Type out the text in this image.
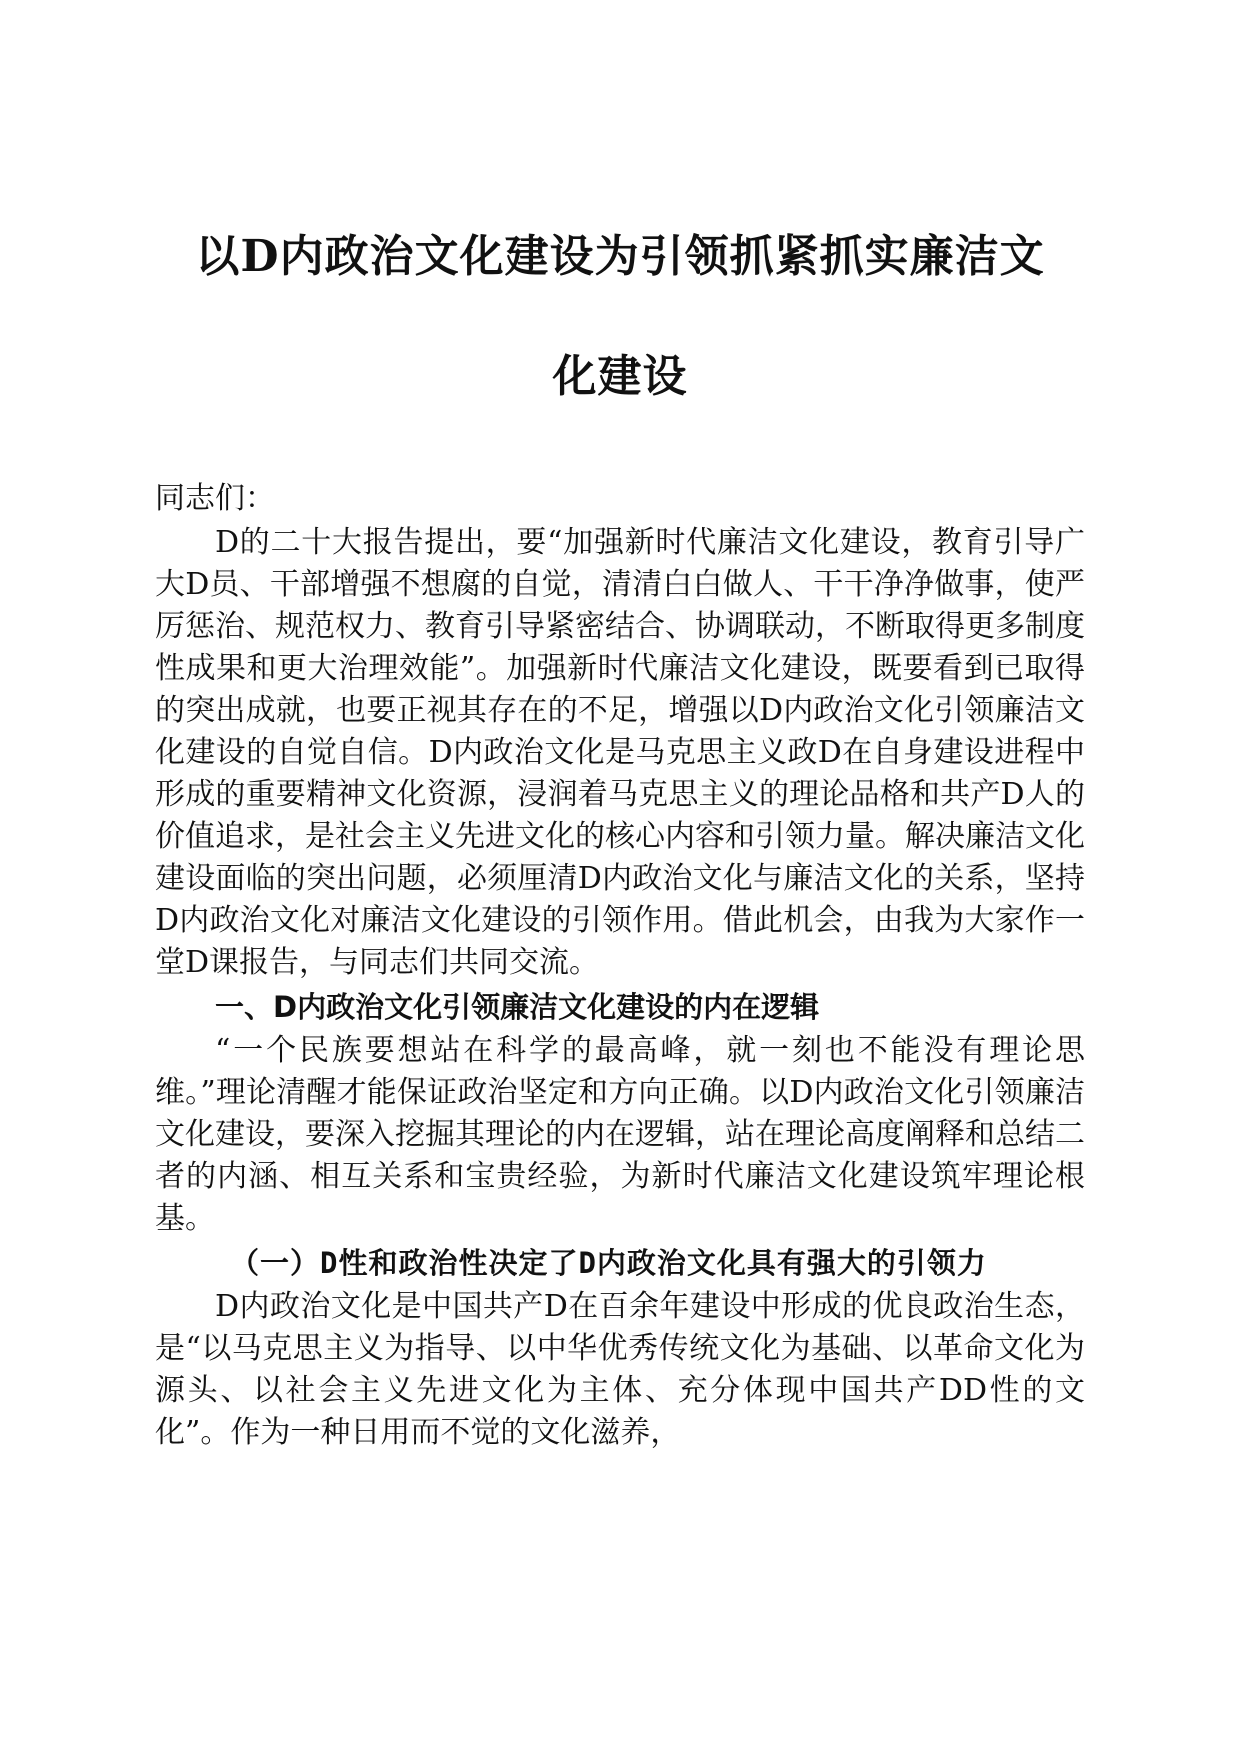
以D内政治文化建设为引领抓紧抓实廉洁文
化建设

同志们：

D的二十大报告提出，要“加强新时代廉洁文化建设，教育引导广大D员、干部增强不想腐的自觉，清清白白做人、干干净净做事，使严厉惩治、规范权力、教育引导紧密结合、协调联动，不断取得更多制度性成果和更大治理效能”。加强新时代廉洁文化建设，既要看到已取得的突出成就，也要正视其存在的不足，增强以D内政治文化引领廉洁文化建设的自觉自信。D内政治文化是马克思主义政D在自身建设进程中形成的重要精神文化资源，浸润着马克思主义的理论品格和共产D人的价值追求，是社会主义先进文化的核心内容和引领力量。解决廉洁文化建设面临的突出问题，必须厘清D内政治文化与廉洁文化的关系，坚持D内政治文化对廉洁文化建设的引领作用。借此机会，由我为大家作一堂D课报告，与同志们共同交流。

一、D内政治文化引领廉洁文化建设的内在逻辑

“一个民族要想站在科学的最高峰，就一刻也不能没有理论思维。”理论清醒才能保证政治坚定和方向正确。以D内政治文化引领廉洁文化建设，要深入挖掘其理论的内在逻辑，站在理论高度阐释和总结二者的内涵、相互关系和宝贵经验，为新时代廉洁文化建设筑牢理论根基。

（一）D性和政治性决定了D内政治文化具有强大的引领力

D内政治文化是中国共产D在百余年建设中形成的优良政治生态，是“以马克思主义为指导、以中华优秀传统文化为基础、以革命文化为源头、以社会主义先进文化为主体、充分体现中国共产DD性的文化”。作为一种日用而不觉的文化滋养，
